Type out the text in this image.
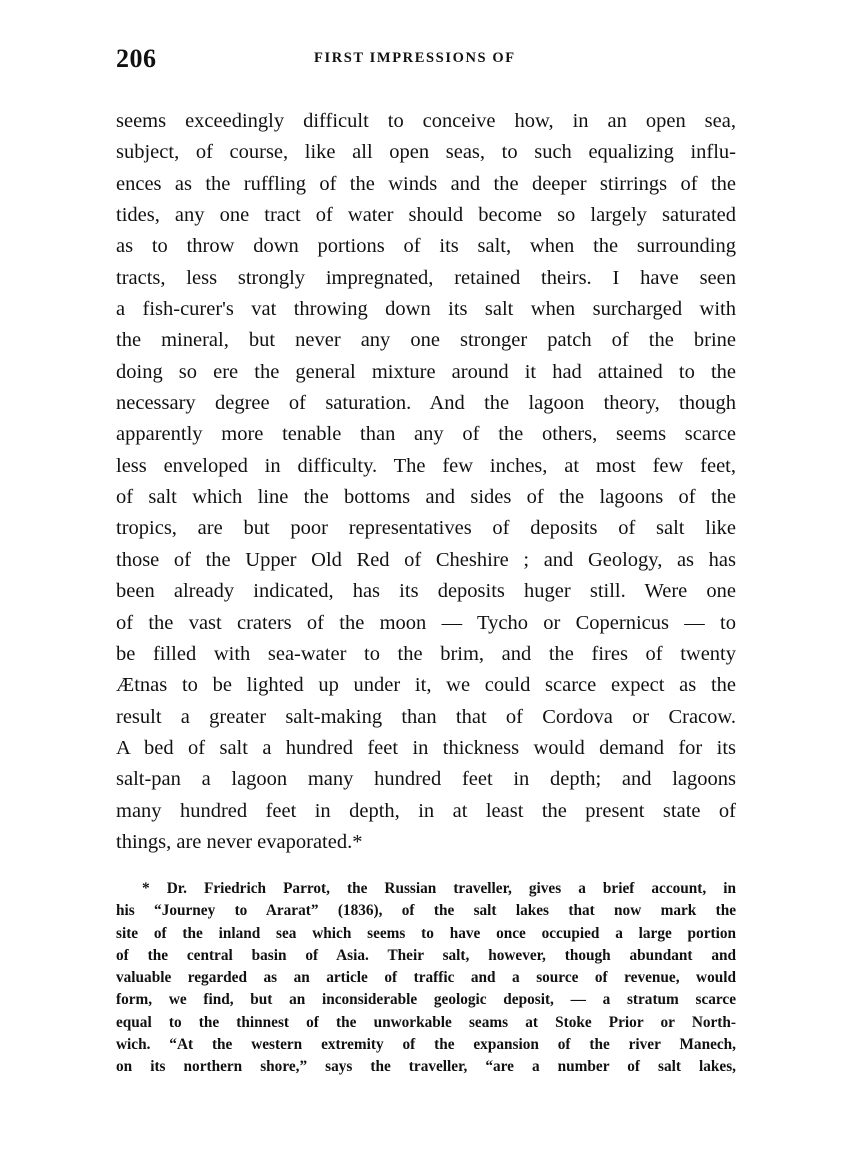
206	FIRST IMPRESSIONS OF
seems exceedingly difficult to conceive how, in an open sea,
subject, of course, like all open seas, to such equalizing influ-
ences as the ruffling of the winds and the deeper stirrings of the
tides, any one tract of water should become so largely saturated
as to throw down portions of its salt, when the surrounding
tracts, less strongly impregnated, retained theirs. I have seen
a fish-curer's vat throwing down its salt when surcharged with
the mineral, but never any one stronger patch of the brine
doing so ere the general mixture around it had attained to the
necessary degree of saturation. And the lagoon theory, though
apparently more tenable than any of the others, seems scarce
less enveloped in difficulty. The few inches, at most few feet,
of salt which line the bottoms and sides of the lagoons of the
tropics, are but poor representatives of deposits of salt like
those of the Upper Old Red of Cheshire ; and Geology, as has
been already indicated, has its deposits huger still. Were one
of the vast craters of the moon — Tycho or Copernicus — to
be filled with sea-water to the brim, and the fires of twenty
Ætnas to be lighted up under it, we could scarce expect as the
result a greater salt-making than that of Cordova or Cracow.
A bed of salt a hundred feet in thickness would demand for its
salt-pan a lagoon many hundred feet in depth; and lagoons
many hundred feet in depth, in at least the present state of
things, are never evaporated.*
* Dr. Friedrich Parrot, the Russian traveller, gives a brief account, in
his “Journey to Ararat” (1836), of the salt lakes that now mark the
site of the inland sea which seems to have once occupied a large portion
of the central basin of Asia. Their salt, however, though abundant and
valuable regarded as an article of traffic and a source of revenue, would
form, we find, but an inconsiderable geologic deposit, — a stratum scarce
equal to the thinnest of the unworkable seams at Stoke Prior or North-
wich. “At the western extremity of the expansion of the river Manech,
on its northern shore,” says the traveller, “are a number of salt lakes,
